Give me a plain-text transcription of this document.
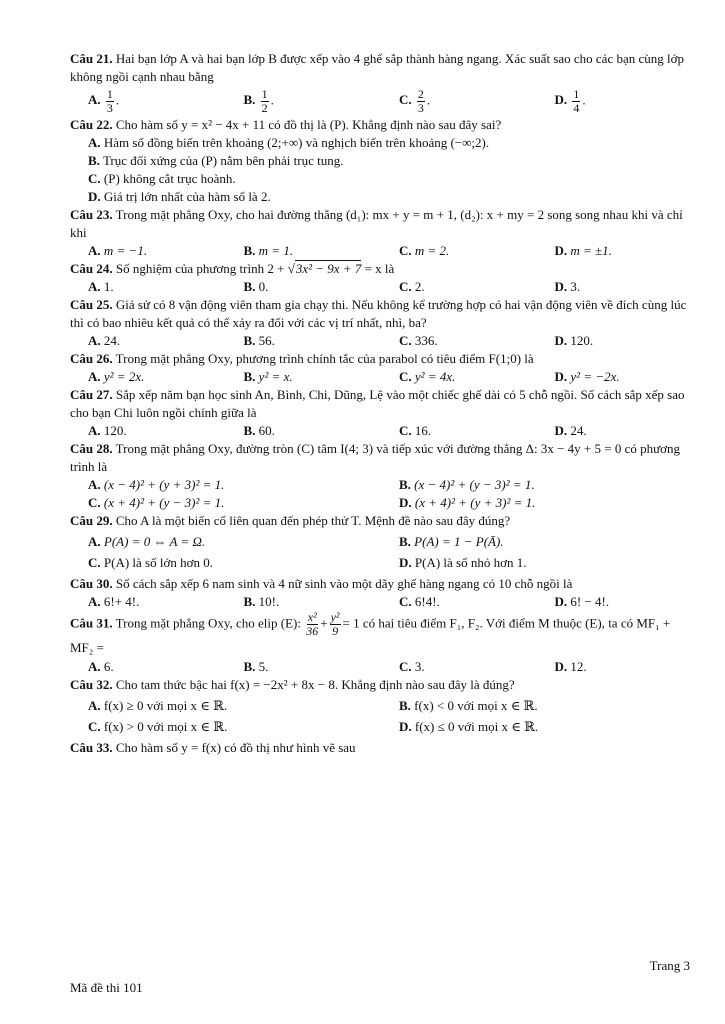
Câu 21. Hai bạn lớp A và hai bạn lớp B được xếp vào 4 ghế sắp thành hàng ngang. Xác suất sao cho các bạn cùng lớp không ngồi cạnh nhau bằng
A. $\frac{1}{3}$ .	B. $\frac{1}{2}$ .	C. $\frac{2}{3}$ .	D. $\frac{1}{4}$ .
Câu 22. Cho hàm số y = x² − 4x + 11 có đồ thị là (P). Khẳng định nào sau đây sai?
A. Hàm số đồng biến trên khoảng (2;+∞) và nghịch biến trên khoảng (−∞;2).
B. Trục đối xứng của (P) nằm bên phải trục tung.
C. (P) không cắt trục hoành.
D. Giá trị lớn nhất của hàm số là 2.
Câu 23. Trong mặt phẳng Oxy, cho hai đường thẳng (d₁): mx + y = m + 1, (d₂): x + my = 2 song song nhau khi và chỉ khi
A. m = −1.	B. m = 1.	C. m = 2.	D. m = ±1.
Câu 24. Số nghiệm của phương trình 2 + √3x² − 9x + 7 = x là
A. 1.	B. 0.	C. 2.	D. 3.
Câu 25. Giả sử có 8 vận động viên tham gia chạy thi. Nếu không kể trường hợp có hai vận động viên về đích cùng lúc thì có bao nhiêu kết quả có thể xảy ra đối với các vị trí nhất, nhì, ba?
A. 24.	B. 56.	C. 336.	D. 120.
Câu 26. Trong mặt phẳng Oxy, phương trình chính tắc của parabol có tiêu điểm F(1;0) là
A. y² = 2x.	B. y² = x.	C. y² = 4x.	D. y² = −2x.
Câu 27. Sắp xếp năm bạn học sinh An, Bình, Chi, Dũng, Lệ vào một chiếc ghế dài có 5 chỗ ngồi. Số cách sắp xếp sao cho bạn Chi luôn ngồi chính giữa là
A. 120.	B. 60.	C. 16.	D. 24.
Câu 28. Trong mặt phẳng Oxy, đường tròn (C) tâm I(4; 3) và tiếp xúc với đường thẳng Δ: 3x − 4y + 5 = 0 có phương trình là
A. (x − 4)² + (y + 3)² = 1.	B. (x − 4)² + (y − 3)² = 1.
C. (x + 4)² + (y − 3)² = 1.	D. (x + 4)² + (y + 3)² = 1.
Câu 29. Cho A là một biến cố liên quan đến phép thử T. Mệnh đề nào sau đây đúng?
A. P(A) = 0 ⇔ A = Ω.	B. P(A) = 1 − P(Ā).
C. P(A) là số lớn hơn 0.	D. P(A) là số nhỏ hơn 1.
Câu 30. Số cách sắp xếp 6 nam sinh và 4 nữ sinh vào một dãy ghế hàng ngang có 10 chỗ ngồi là
A. 6!+ 4!.	B. 10!.	C. 6!4!.	D. 6! − 4!.
Câu 31. Trong mặt phẳng Oxy, cho elip (E): $\frac{\text{x²}}{36} + \frac{\text{y²}}{9} = 1$ có hai tiêu điểm F₁, F₂. Với điểm M thuộc (E), ta có MF₁ + MF₂ =
A. 6.	B. 5.	C. 3.	D. 12.
Câu 32. Cho tam thức bậc hai f(x) = −2x² + 8x − 8. Khẳng định nào sau đây là đúng?
A. f(x) ≥ 0 với mọi x ∈ ℝ.	B. f(x) < 0 với mọi x ∈ ℝ.
C. f(x) > 0 với mọi x ∈ ℝ.	D. f(x) ≤ 0 với mọi x ∈ ℝ.
Câu 33. Cho hàm số y = f(x) có đồ thị như hình vẽ sau
Trang 3
Mã đề thi 101
